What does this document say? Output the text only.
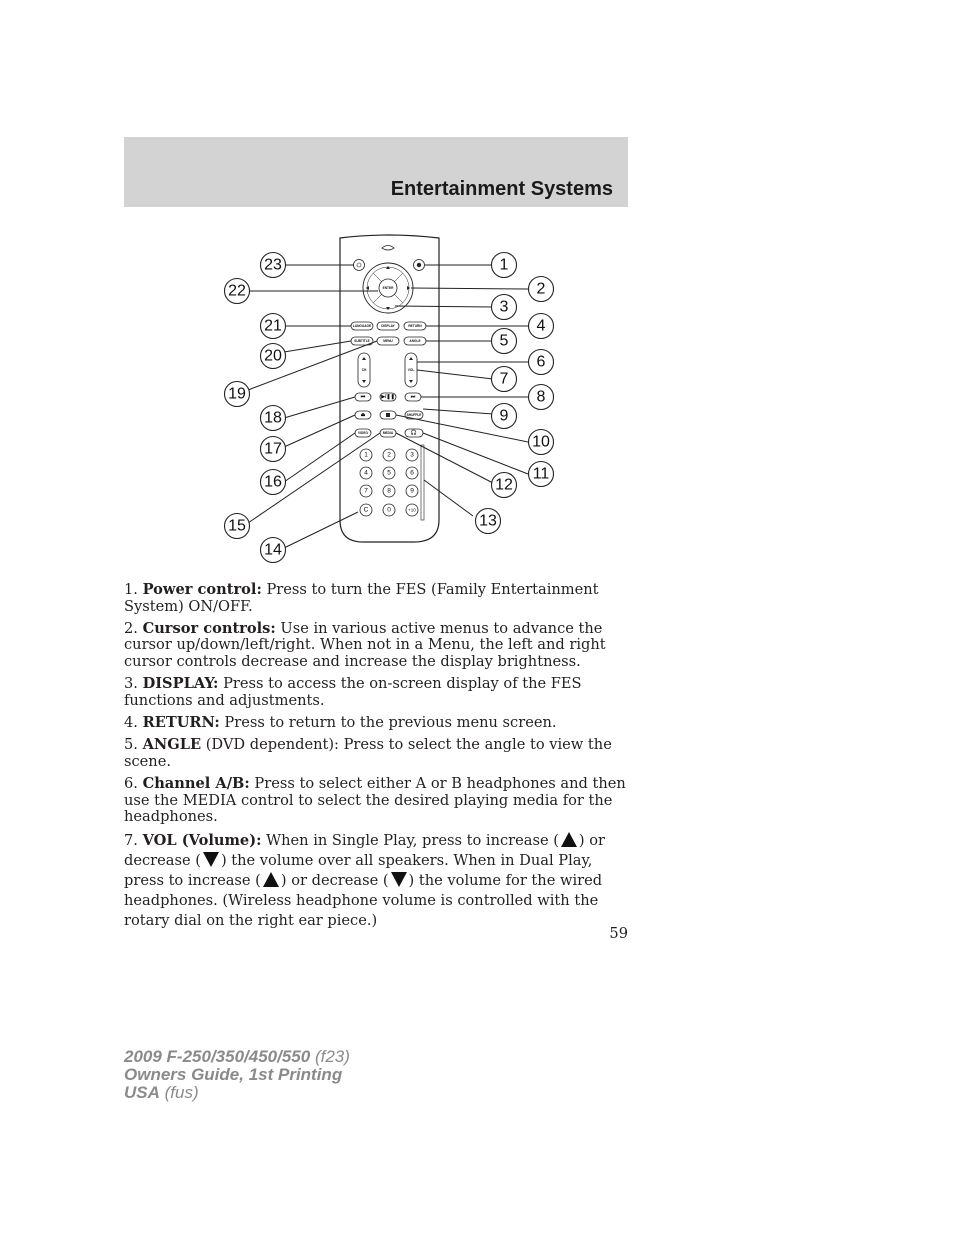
Entertainment Systems
ENTER
LANGUAGE	DISPLAY	RETURN
SUBTITLE	MENU	ANGLE
CH	VOL
⏮	▶/❚❚	⏭
⏏	SHUFFLE
VIDEO	MEDIA	🎧
1	2	3
4	5	6
7	8	9
C	0	+10
1
2
3
4
5
6
7
8
9
10
11
12
13
14
15
16
17
18
19
20
21
22
23

1. Power control: Press to turn the FES (Family Entertainment System) ON/OFF.

2. Cursor controls: Use in various active menus to advance the cursor up/down/left/right. When not in a Menu, the left and right cursor controls decrease and increase the display brightness.

3. DISPLAY: Press to access the on-screen display of the FES functions and adjustments.

4. RETURN: Press to return to the previous menu screen.

5. ANGLE (DVD dependent): Press to select the angle to view the scene.

6. Channel A/B: Press to select either A or B headphones and then use the MEDIA control to select the desired playing media for the headphones.

7. VOL (Volume): When in Single Play, press to increase ( ) or decrease ( ) the volume over all speakers. When in Dual Play, press to increase ( ) or decrease ( ) the volume for the wired headphones. (Wireless headphone volume is controlled with the rotary dial on the right ear piece.)

59
2009 F-250/350/450/550 (f23)
Owners Guide, 1st Printing
USA (fus)
